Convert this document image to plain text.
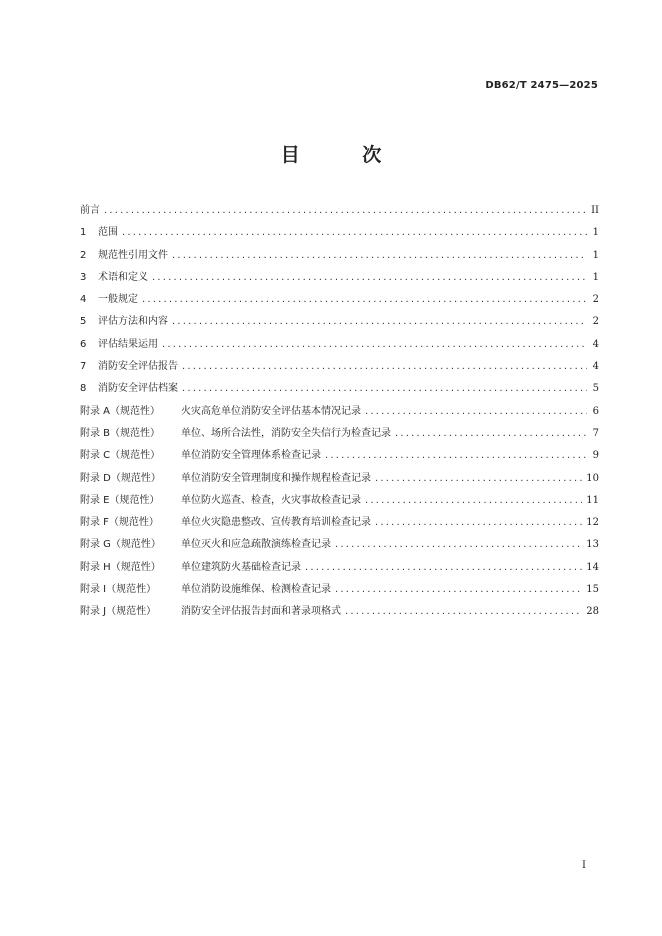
DB62/T 2475—2025
目 次
前言 .....	II
1	范围 .....	1
2	规范性引用文件 .....	1
3	术语和定义 .....	1
4	一般规定 .....	2
5	评估方法和内容 .....	2
6	评估结果运用 .....	4
7	消防安全评估报告 .....	4
8	消防安全评估档案 .....	5
附录 A（规范性）	火灾高危单位消防安全评估基本情况记录 .....	6
附录 B（规范性）	单位、场所合法性，消防安全失信行为检查记录 .....	7
附录 C（规范性）	单位消防安全管理体系检查记录 .....	9
附录 D（规范性）	单位消防安全管理制度和操作规程检查记录 .....	10
附录 E（规范性）	单位防火巡查、检查，火灾事故检查记录 .....	11
附录 F（规范性）	单位火灾隐患整改、宣传教育培训检查记录 .....	12
附录 G（规范性）	单位灭火和应急疏散演练检查记录 .....	13
附录 H（规范性）	单位建筑防火基础检查记录 .....	14
附录 I（规范性）	单位消防设施维保、检测检查记录 .....	15
附录 J（规范性）	消防安全评估报告封面和著录项格式 .....	28
I
